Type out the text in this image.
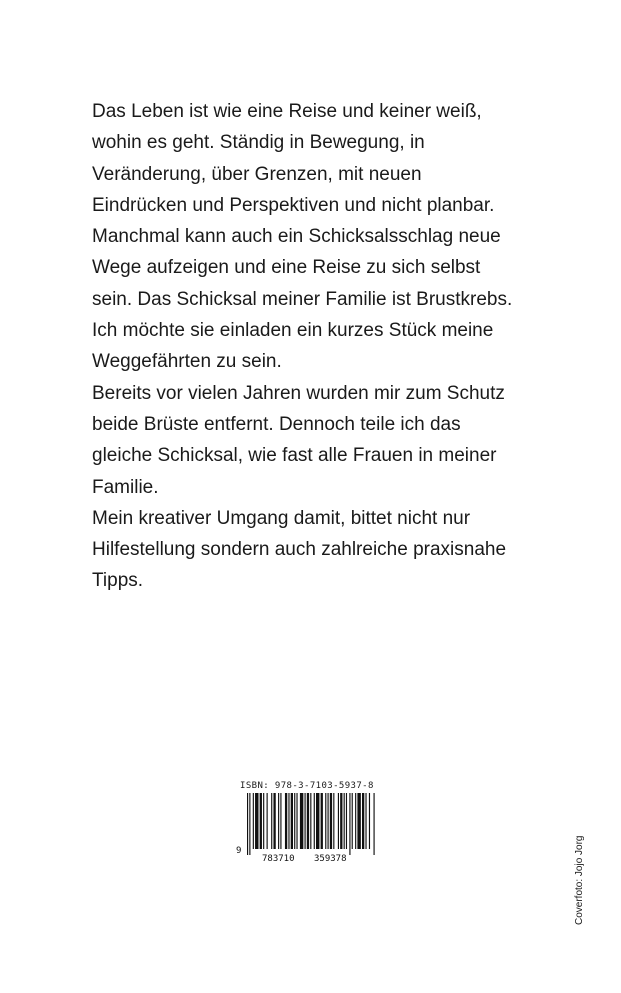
Das Leben ist wie eine Reise und keiner weiß,
wohin es geht. Ständig in Bewegung, in
Veränderung, über Grenzen, mit neuen
Eindrücken und Perspektiven und nicht planbar.
Manchmal kann auch ein Schicksalsschlag neue
Wege aufzeigen und eine Reise zu sich selbst
sein. Das Schicksal meiner Familie ist Brustkrebs.
Ich möchte sie einladen ein kurzes Stück meine
Weggefährten zu sein.
Bereits vor vielen Jahren wurden mir zum Schutz
beide Brüste entfernt. Dennoch teile ich das
gleiche Schicksal, wie fast alle Frauen in meiner
Familie.
Mein kreativer Umgang damit, bittet nicht nur
Hilfestellung sondern auch zahlreiche praxisnahe
Tipps.
ISBN: 978-3-7103-5937-8
9
783710 359378	Coverfoto: Jojo Jorg
